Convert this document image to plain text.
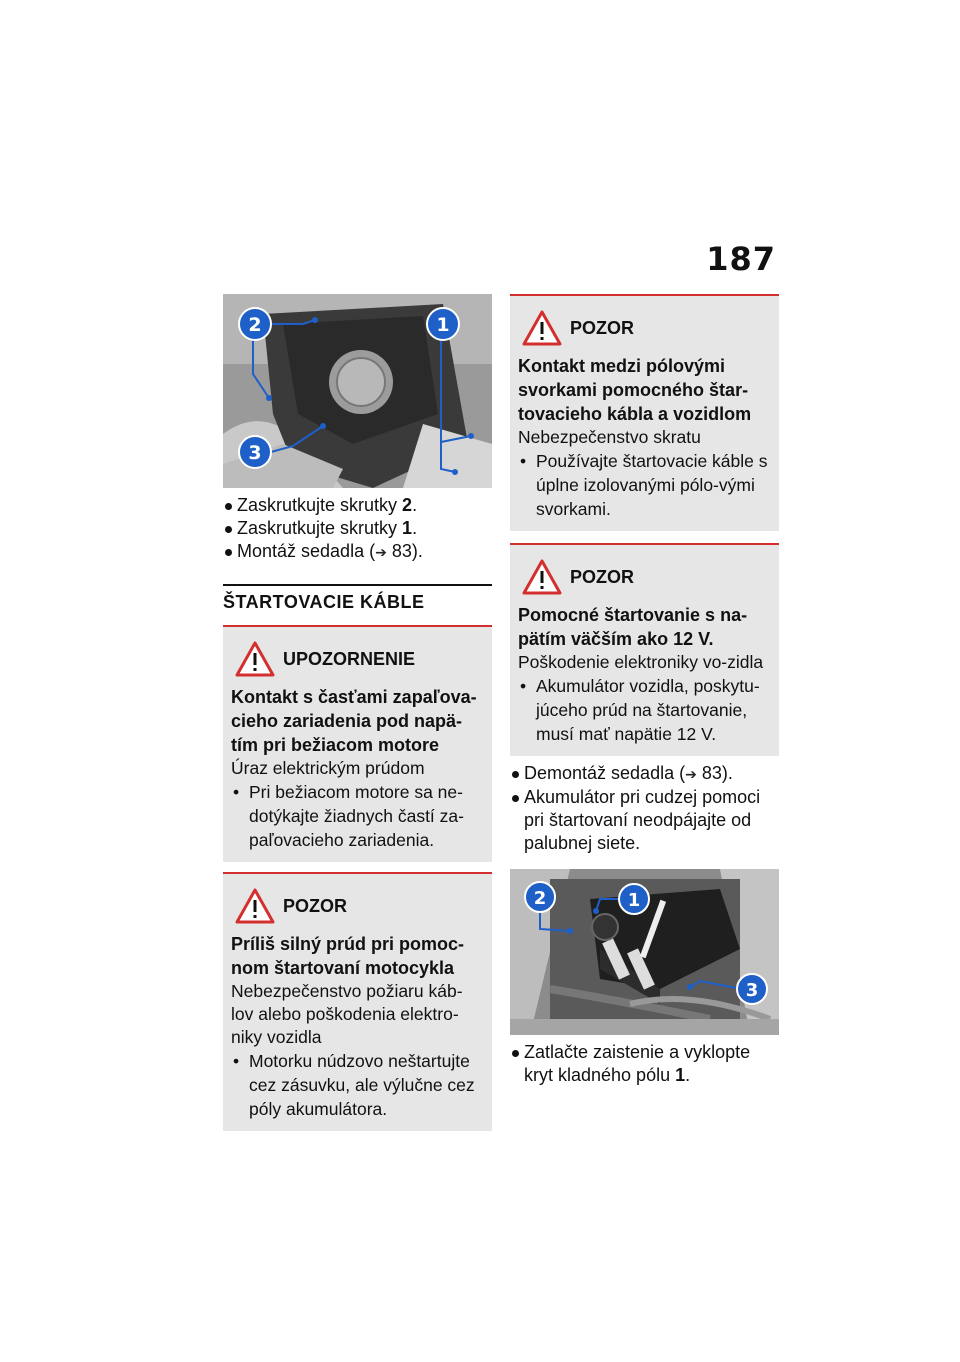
187
2	1
3
Zaskrutkujte skrutky 2.
Zaskrutkujte skrutky 1.
Montáž sedadla (➔ 83).
ŠTARTOVACIE KÁBLE
UPOZORNENIE
Kontakt s časťami zapaľova-cieho zariadenia pod napä-tím pri bežiacom motore
Úraz elektrickým prúdom
• Pri bežiacom motore sa ne-dotýkajte žiadnych častí za-paľovacieho zariadenia.
POZOR
Príliš silný prúd pri pomoc-nom štartovaní motocykla
Nebezpečenstvo požiaru káb-lov alebo poškodenia elektro-niky vozidla
• Motorku núdzovo neštartujte cez zásuvku, ale výlučne cez póly akumulátora.
POZOR
Kontakt medzi pólovými svorkami pomocného štar-tovacieho kábla a vozidlom
Nebezpečenstvo skratu
• Používajte štartovacie káble s úplne izolovanými pólo-vými svorkami.
POZOR
Pomocné štartovanie s na-pätím väčším ako 12 V.
Poškodenie elektroniky vo-zidla
• Akumulátor vozidla, poskytu-júceho prúd na štartovanie, musí mať napätie 12 V.
Demontáž sedadla (➔ 83).
Akumulátor pri cudzej pomoci pri štartovaní neodpájajte od palubnej siete.
2	1
3
Zatlačte zaistenie a vyklopte kryt kladného pólu 1.
